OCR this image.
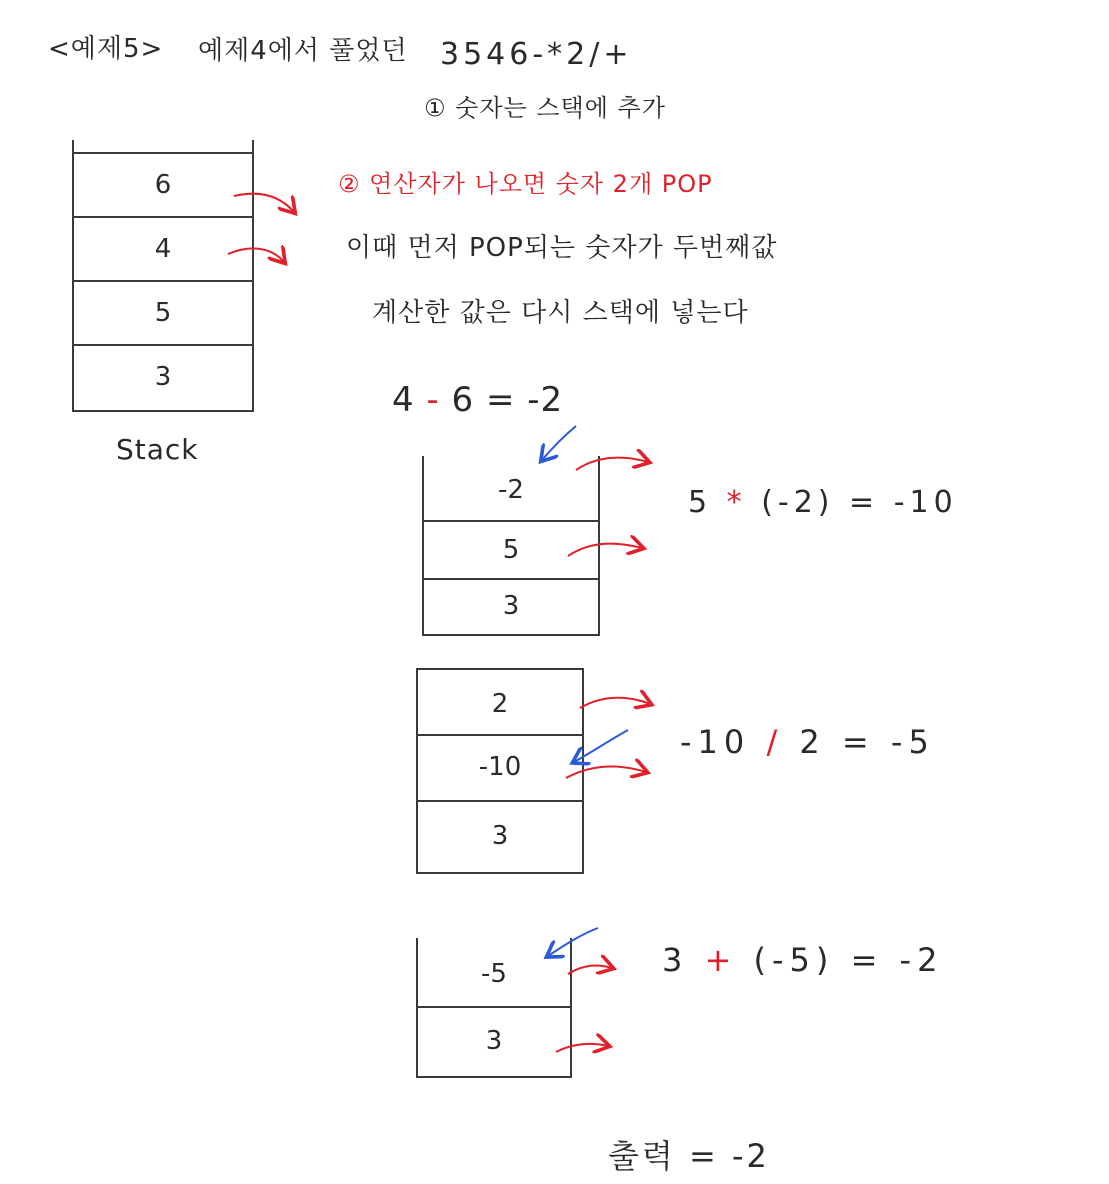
<예제5> 예제4에서 풀었던 3546-*2/+
① 숫자는 스택에 추가
② 연산자가 나오면 숫자 2개 POP
이때 먼저 POP되는 숫자가 두번째값
계산한 값은 다시 스택에 넣는다
6
4
5
3
Stack
4 - 6 = -2
-2
5
3
5 * (-2) = -10
2
-10
3
-10 / 2 = -5
-5
3
3 + (-5) = -2
출력 = -2
